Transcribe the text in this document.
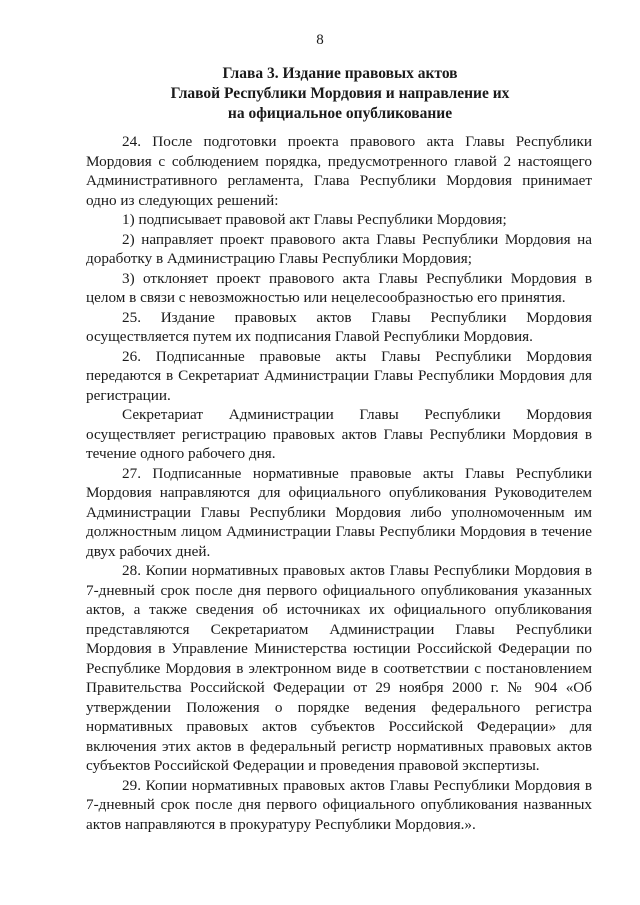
8
Глава 3. Издание правовых актов
Главой Республики Мордовия и направление их
на официальное опубликование

24. После подготовки проекта правового акта Главы Республики Мордовия с соблюдением порядка, предусмотренного главой 2 настоящего Административного регламента, Глава Республики Мордовия принимает одно из следующих решений:

1) подписывает правовой акт Главы Республики Мордовия;

2) направляет проект правового акта Главы Республики Мордовия на доработку в Администрацию Главы Республики Мордовия;

3) отклоняет проект правового акта Главы Республики Мордовия в целом в связи с невозможностью или нецелесообразностью его принятия.

25. Издание правовых актов Главы Республики Мордовия осуществляется путем их подписания Главой Республики Мордовия.

26. Подписанные правовые акты Главы Республики Мордовия передаются в Секретариат Администрации Главы Республики Мордовия для регистрации.

Секретариат Администрации Главы Республики Мордовия осуществляет регистрацию правовых актов Главы Республики Мордовия в течение одного рабочего дня.

27. Подписанные нормативные правовые акты Главы Республики Мордовия направляются для официального опубликования Руководителем Администрации Главы Республики Мордовия либо уполномоченным им должностным лицом Администрации Главы Республики Мордовия в течение двух рабочих дней.

28. Копии нормативных правовых актов Главы Республики Мордовия в 7-дневный срок после дня первого официального опубликования указанных актов, а также сведения об источниках их официального опубликования представляются Секретариатом Администрации Главы Республики Мордовия в Управление Министерства юстиции Российской Федерации по Республике Мордовия в электронном виде в соответствии с постановлением Правительства Российской Федерации от 29 ноября 2000 г. № 904 «Об утверждении Положения о порядке ведения федерального регистра нормативных правовых актов субъектов Российской Федерации» для включения этих актов в федеральный регистр нормативных правовых актов субъектов Российской Федерации и проведения правовой экспертизы.

29. Копии нормативных правовых актов Главы Республики Мордовия в 7-дневный срок после дня первого официального опубликования названных актов направляются в прокуратуру Республики Мордовия.».
